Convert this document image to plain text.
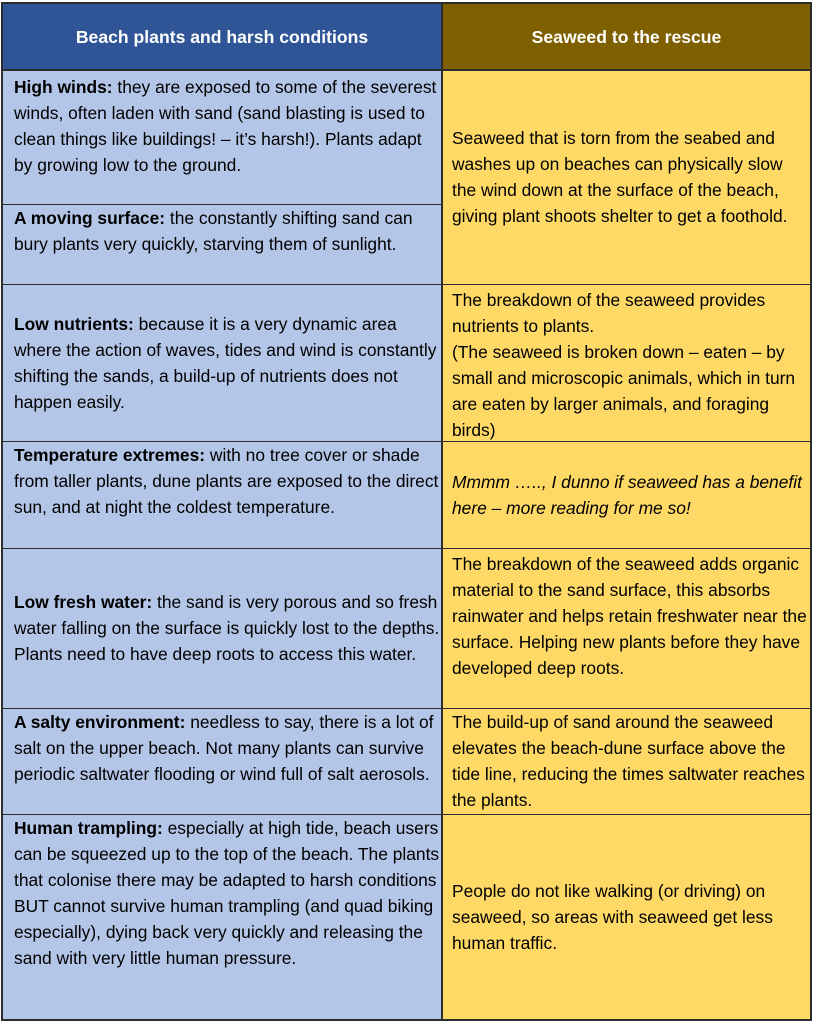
Beach plants and harsh conditions	Seaweed to the rescue
High winds: they are exposed to some of the severest winds, often laden with sand (sand blasting is used to clean things like buildings! – it’s harsh!). Plants adapt by growing low to the ground.
A moving surface: the constantly shifting sand can bury plants very quickly, starving them of sunlight.
Low nutrients: because it is a very dynamic area where the action of waves, tides and wind is constantly shifting the sands, a build-up of nutrients does not happen easily.
Temperature extremes: with no tree cover or shade from taller plants, dune plants are exposed to the direct sun, and at night the coldest temperature.
Low fresh water: the sand is very porous and so fresh water falling on the surface is quickly lost to the depths. Plants need to have deep roots to access this water.
A salty environment: needless to say, there is a lot of salt on the upper beach. Not many plants can survive periodic saltwater flooding or wind full of salt aerosols.
Human trampling: especially at high tide, beach users can be squeezed up to the top of the beach. The plants that colonise there may be adapted to harsh conditions BUT cannot survive human trampling (and quad biking especially), dying back very quickly and releasing the sand with very little human pressure.
Seaweed that is torn from the seabed and washes up on beaches can physically slow the wind down at the surface of the beach, giving plant shoots shelter to get a foothold.
The breakdown of the seaweed provides nutrients to plants.
(The seaweed is broken down – eaten – by small and microscopic animals, which in turn are eaten by larger animals, and foraging birds)
Mmmm ….., I dunno if seaweed has a benefit here – more reading for me so!
The breakdown of the seaweed adds organic material to the sand surface, this absorbs rainwater and helps retain freshwater near the surface. Helping new plants before they have developed deep roots.
The build-up of sand around the seaweed elevates the beach-dune surface above the tide line, reducing the times saltwater reaches the plants.
People do not like walking (or driving) on seaweed, so areas with seaweed get less human traffic.
